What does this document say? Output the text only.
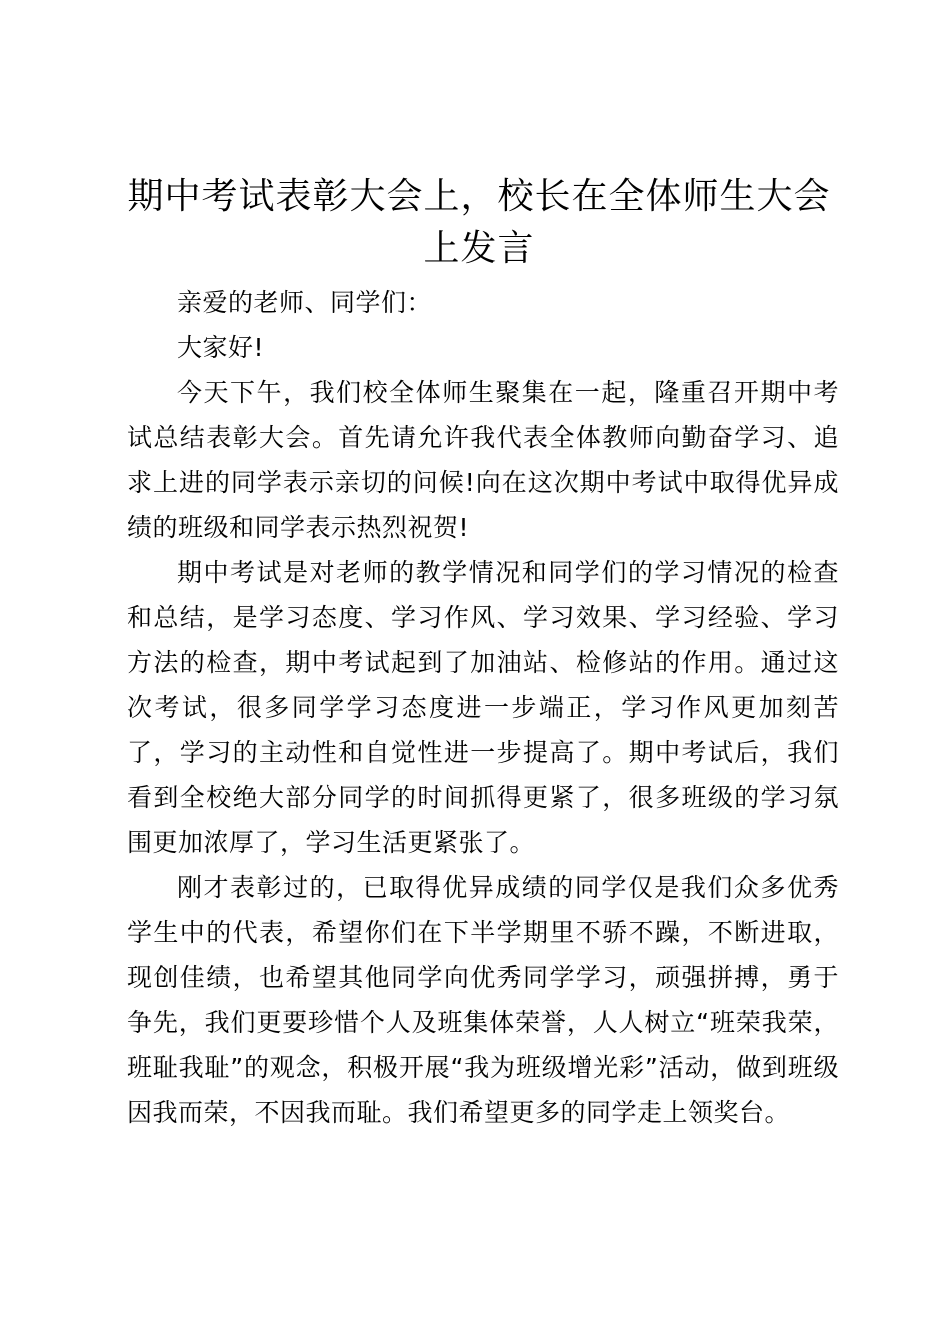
期中考试表彰大会上，校长在全体师生大会上发言

亲爱的老师、同学们：

大家好!

今天下午，我们校全体师生聚集在一起，隆重召开期中考试总结表彰大会。首先请允许我代表全体教师向勤奋学习、追求上进的同学表示亲切的问候!向在这次期中考试中取得优异成绩的班级和同学表示热烈祝贺!

期中考试是对老师的教学情况和同学们的学习情况的检查和总结，是学习态度、学习作风、学习效果、学习经验、学习方法的检查，期中考试起到了加油站、检修站的作用。通过这次考试，很多同学学习态度进一步端正，学习作风更加刻苦了，学习的主动性和自觉性进一步提高了。期中考试后，我们看到全校绝大部分同学的时间抓得更紧了，很多班级的学习氛围更加浓厚了，学习生活更紧张了。

刚才表彰过的，已取得优异成绩的同学仅是我们众多优秀学生中的代表，希望你们在下半学期里不骄不躁，不断进取，现创佳绩，也希望其他同学向优秀同学学习，顽强拼搏，勇于争先，我们更要珍惜个人及班集体荣誉，人人树立“班荣我荣，班耻我耻”的观念，积极开展“我为班级增光彩”活动，做到班级因我而荣，不因我而耻。我们希望更多的同学走上领奖台。
